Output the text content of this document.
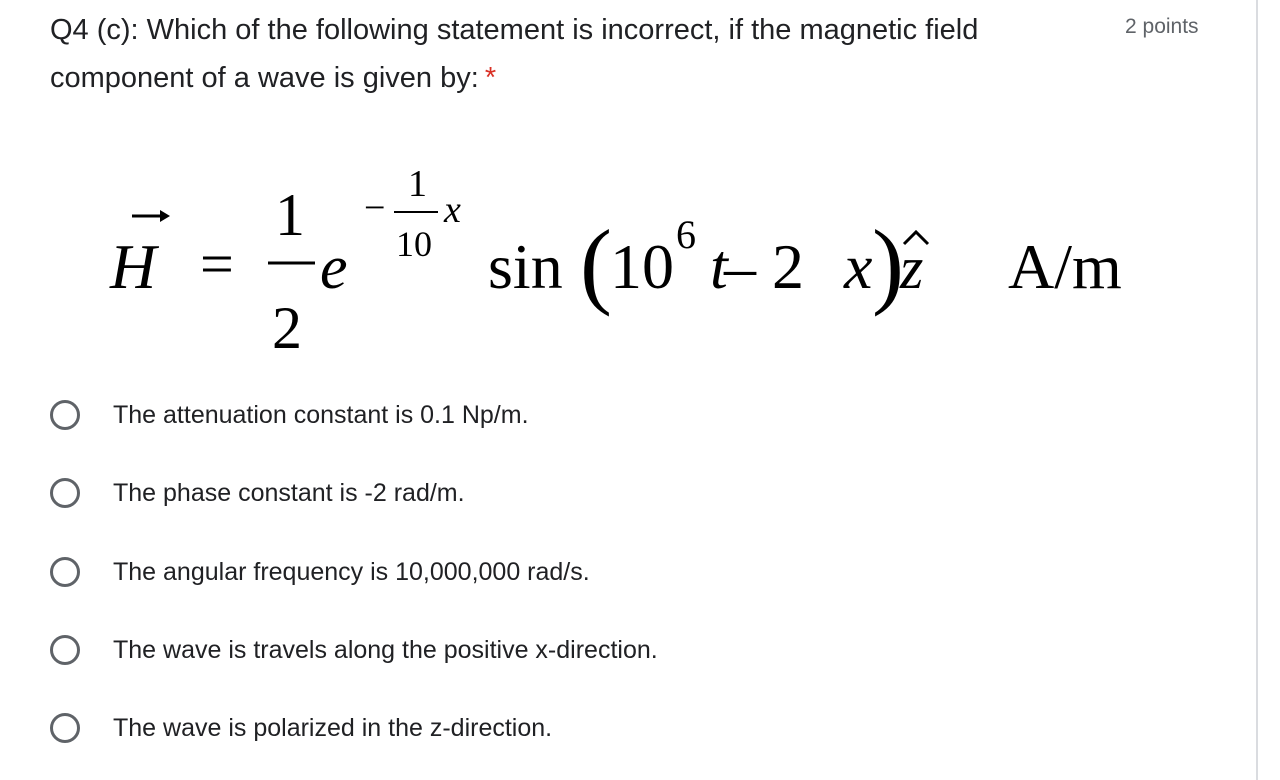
Q4 (c): Which of the following statement is incorrect, if the magnetic field component of a wave is given by: *
2 points
H =
1
2
e
−
1
10
x
sin (
10 6 t
– 2 x )
z A/m
The attenuation constant is 0.1 Np/m.
The phase constant is -2 rad/m.
The angular frequency is 10,000,000 rad/s.
The wave is travels along the positive x-direction.
The wave is polarized in the z-direction.
